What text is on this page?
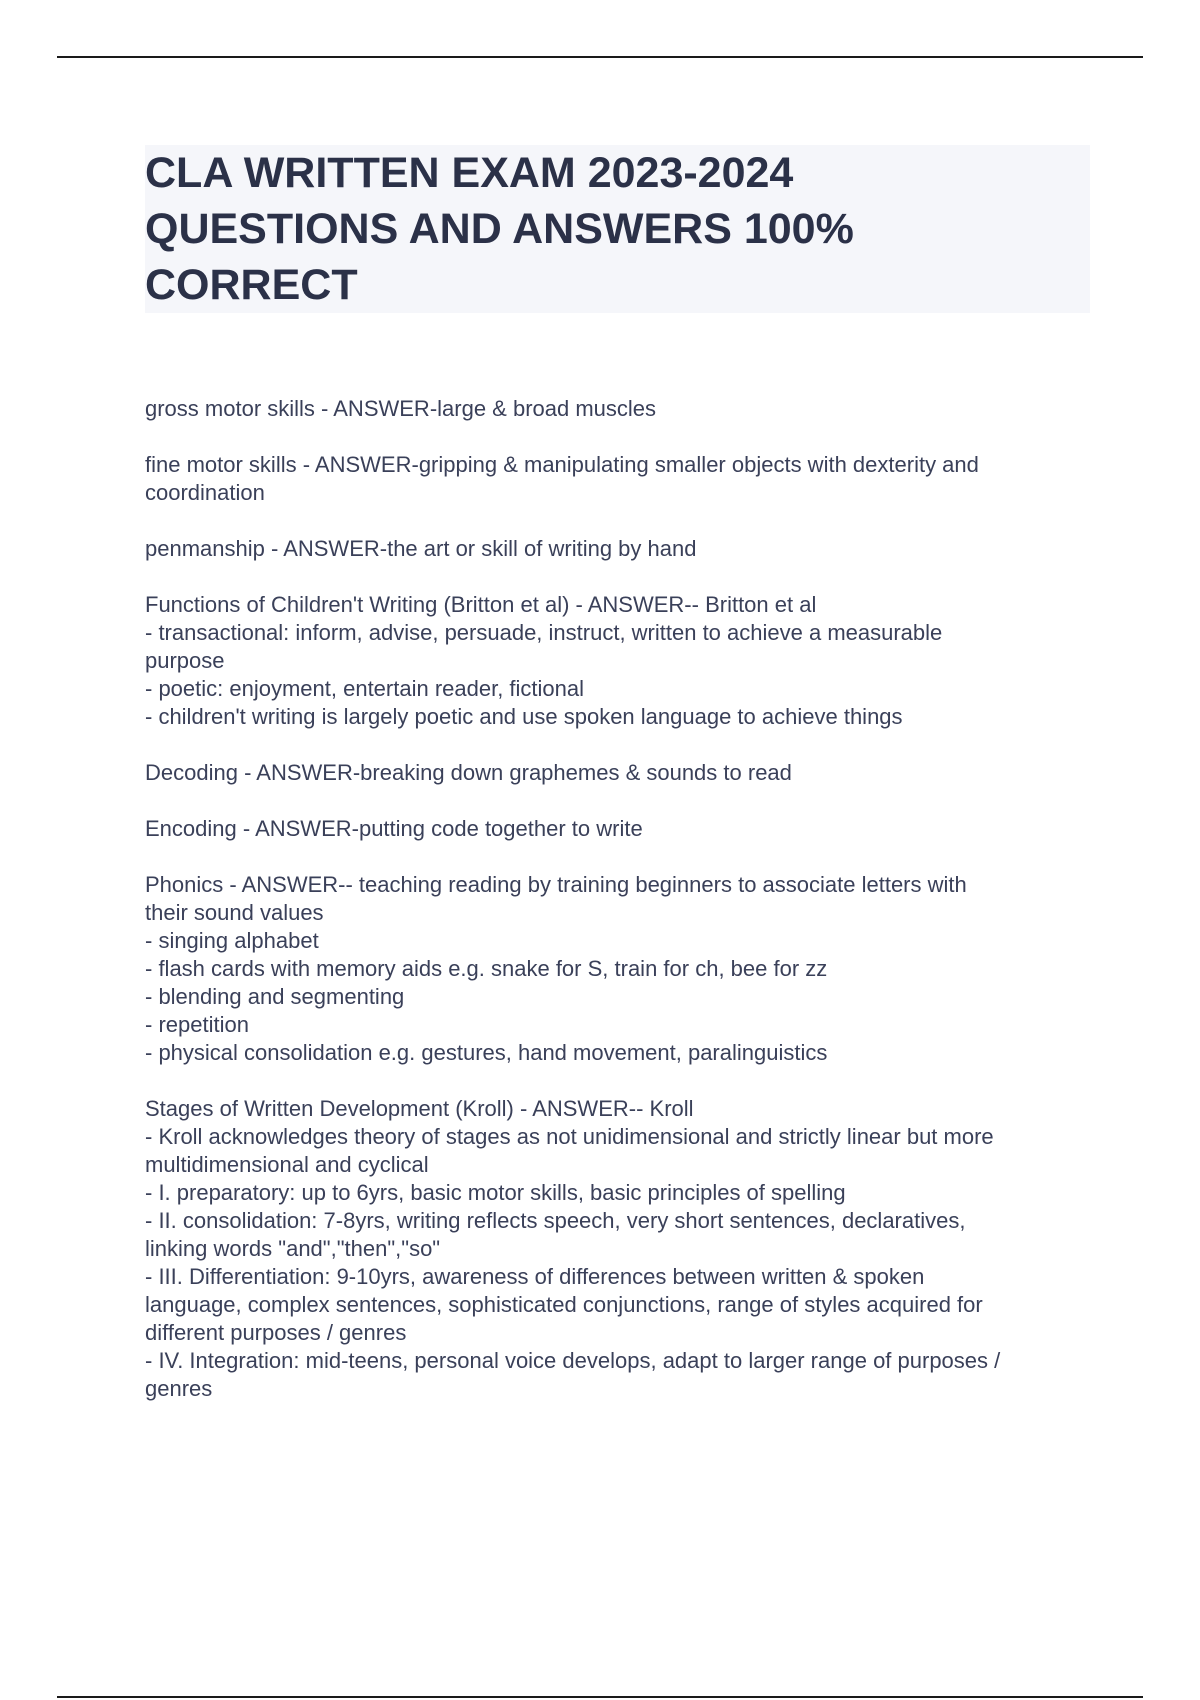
CLA WRITTEN EXAM 2023-2024
QUESTIONS AND ANSWERS 100%
CORRECT
gross motor skills - ANSWER-large & broad muscles
fine motor skills - ANSWER-gripping & manipulating smaller objects with dexterity and
coordination
penmanship - ANSWER-the art or skill of writing by hand
Functions of Children't Writing (Britton et al) - ANSWER-- Britton et al
- transactional: inform, advise, persuade, instruct, written to achieve a measurable
purpose
- poetic: enjoyment, entertain reader, fictional
- children't writing is largely poetic and use spoken language to achieve things
Decoding - ANSWER-breaking down graphemes & sounds to read
Encoding - ANSWER-putting code together to write
Phonics - ANSWER-- teaching reading by training beginners to associate letters with
their sound values
- singing alphabet
- flash cards with memory aids e.g. snake for S, train for ch, bee for zz
- blending and segmenting
- repetition
- physical consolidation e.g. gestures, hand movement, paralinguistics
Stages of Written Development (Kroll) - ANSWER-- Kroll
- Kroll acknowledges theory of stages as not unidimensional and strictly linear but more
multidimensional and cyclical
- I. preparatory: up to 6yrs, basic motor skills, basic principles of spelling
- II. consolidation: 7-8yrs, writing reflects speech, very short sentences, declaratives,
linking words "and","then","so"
- III. Differentiation: 9-10yrs, awareness of differences between written & spoken
language, complex sentences, sophisticated conjunctions, range of styles acquired for
different purposes / genres
- IV. Integration: mid-teens, personal voice develops, adapt to larger range of purposes /
genres
